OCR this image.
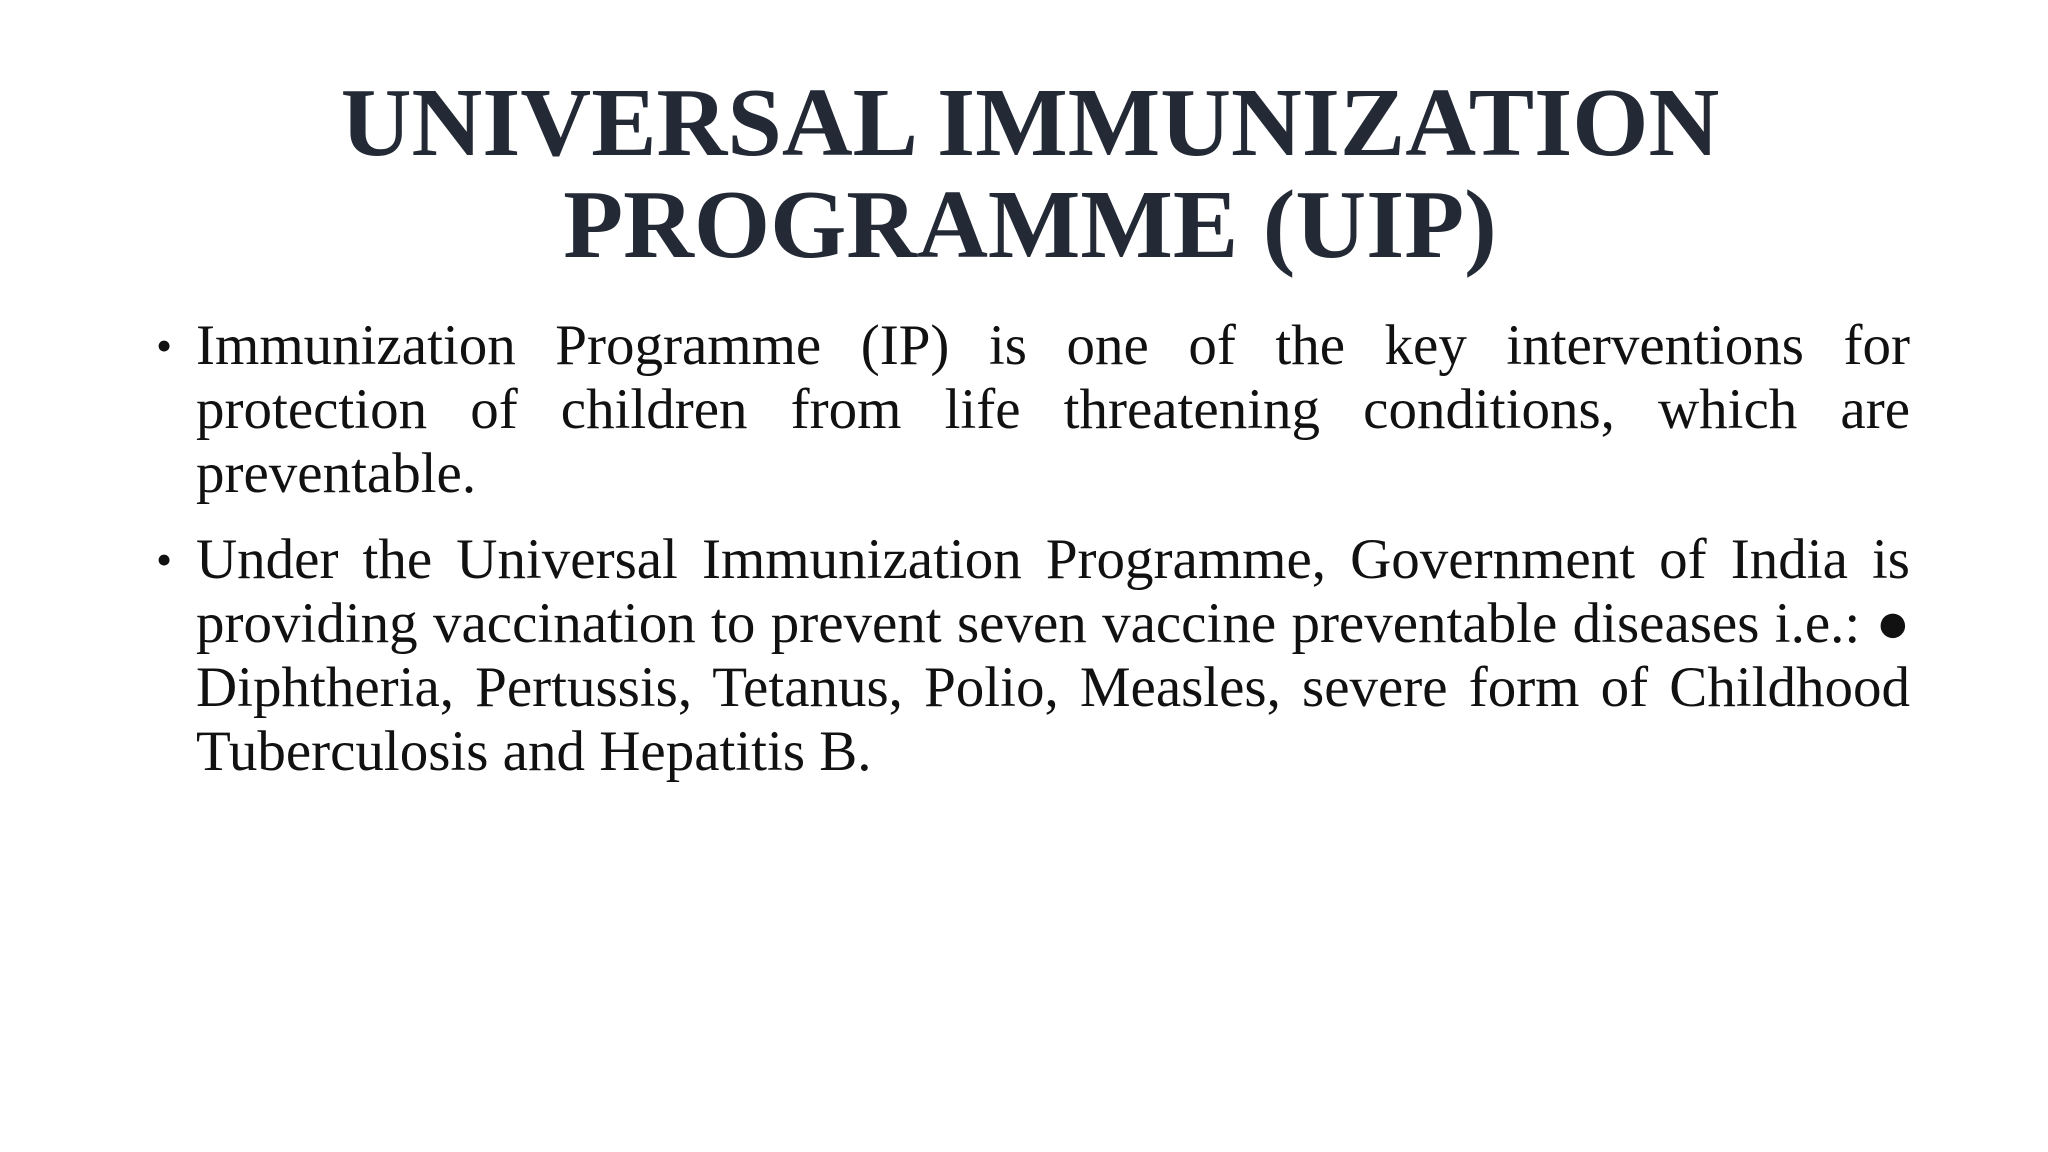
UNIVERSAL IMMUNIZATION
PROGRAMME (UIP)
• Immunization Programme (IP) is one of the key interventions for protection of children from life threatening conditions, which are preventable.
• Under the Universal Immunization Programme, Government of India is providing vaccination to prevent seven vaccine preventable diseases i.e.: ● Diphtheria, Pertussis, Tetanus, Polio, Measles, severe form of Childhood Tuberculosis and Hepatitis B.
